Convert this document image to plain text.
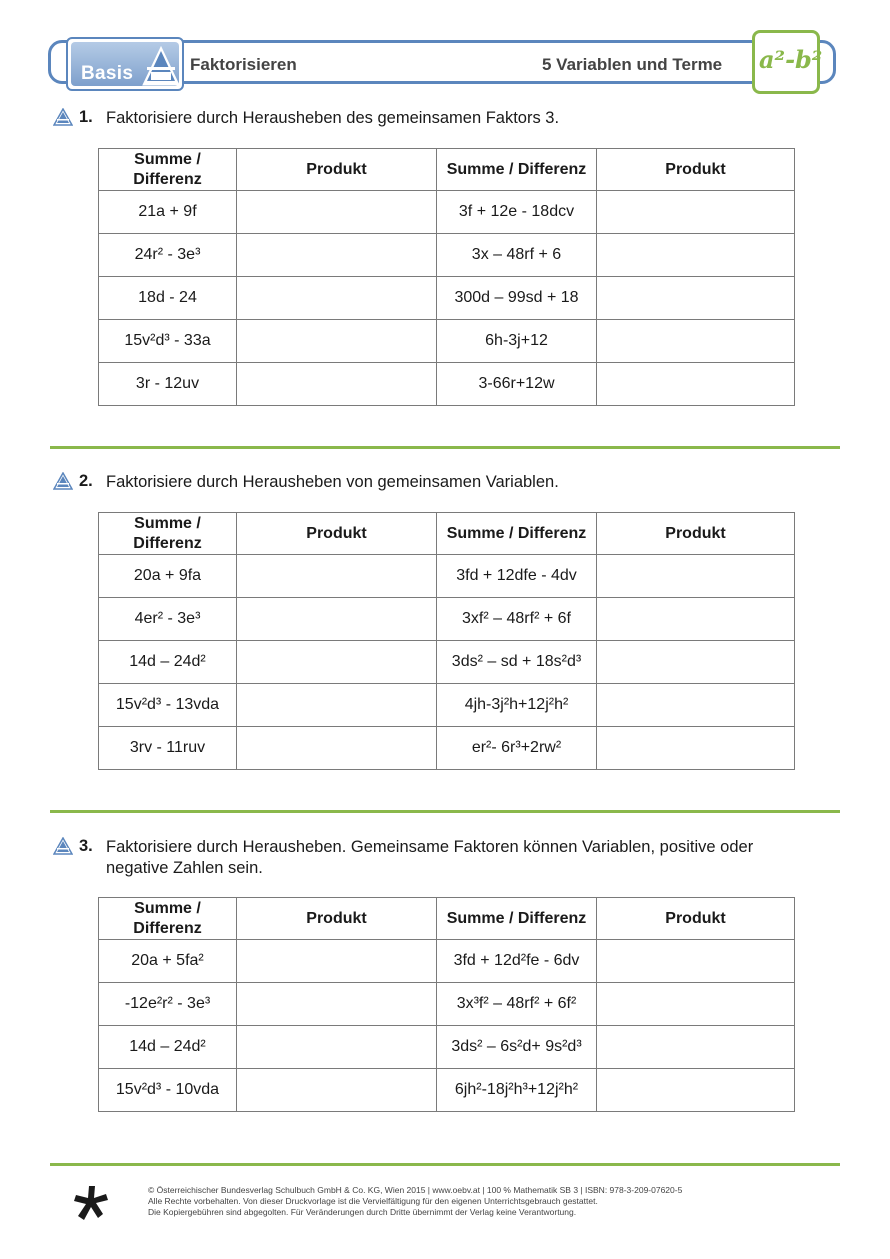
Basis	Faktorisieren	5 Variablen und Terme a²-b²
1. Faktorisiere durch Herausheben des gemeinsamen Faktors 3.
Summe / Differenz	Produkt	Summe / Differenz	Produkt
21a + 9f		3f + 12e - 18dcv	
24r² - 3e³		3x – 48rf + 6	
18d - 24		300d – 99sd + 18	
15v²d³ - 33a		6h-3j+12	
3r - 12uv		3-66r+12w	
2. Faktorisiere durch Herausheben von gemeinsamen Variablen.
Summe / Differenz	Produkt	Summe / Differenz	Produkt
20a + 9fa		3fd + 12dfe - 4dv	
4er² - 3e³		3xf² – 48rf² + 6f	
14d – 24d²		3ds² – sd + 18s²d³	
15v²d³ - 13vda		4jh-3j²h+12j²h²	
3rv - 11ruv		er²- 6r³+2rw²	
3. Faktorisiere durch Herausheben. Gemeinsame Faktoren können Variablen, positive oder
negative Zahlen sein.
Summe / Differenz	Produkt	Summe / Differenz	Produkt
20a + 5fa²		3fd + 12d²fe - 6dv	
-12e²r² - 3e³		3x³f² – 48rf² + 6f²	
14d – 24d²		3ds² – 6s²d+ 9s²d³	
15v²d³ - 10vda		6jh²-18j²h³+12j²h²	
© Österreichischer Bundesverlag Schulbuch GmbH & Co. KG, Wien 2015 | www.oebv.at | 100 % Mathematik SB 3 | ISBN: 978-3-209-07620-5
Alle Rechte vorbehalten. Von dieser Druckvorlage ist die Vervielfältigung für den eigenen Unterrichtsgebrauch gestattet.
Die Kopiergebühren sind abgegolten. Für Veränderungen durch Dritte übernimmt der Verlag keine Verantwortung.
